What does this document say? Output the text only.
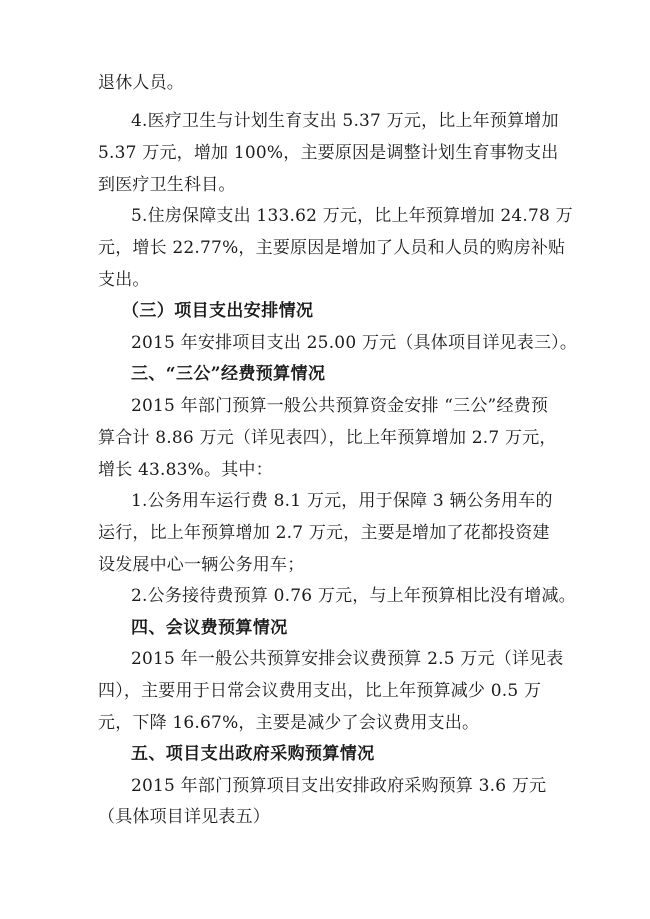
退休人员。
4.医疗卫生与计划生育支出 5.37 万元，比上年预算增加
5.37 万元，增加 100%，主要原因是调整计划生育事物支出
到医疗卫生科目。
5.住房保障支出 133.62 万元，比上年预算增加 24.78 万
元，增长 22.77%，主要原因是增加了人员和人员的购房补贴
支出。
（三）项目支出安排情况
2015 年安排项目支出 25.00 万元（具体项目详见表三）。
三、“三公”经费预算情况
2015 年部门预算一般公共预算资金安排 “三公”经费预
算合计 8.86 万元（详见表四），比上年预算增加 2.7 万元，
增长 43.83%。其中：
1.公务用车运行费 8.1 万元，用于保障 3 辆公务用车的
运行，比上年预算增加 2.7 万元，主要是增加了花都投资建
设发展中心一辆公务用车；
2.公务接待费预算 0.76 万元，与上年预算相比没有增减。
四、会议费预算情况
2015 年一般公共预算安排会议费预算 2.5 万元（详见表
四），主要用于日常会议费用支出，比上年预算减少 0.5 万
元，下降 16.67%，主要是减少了会议费用支出。
五、项目支出政府采购预算情况
2015 年部门预算项目支出安排政府采购预算 3.6 万元
（具体项目详见表五）
